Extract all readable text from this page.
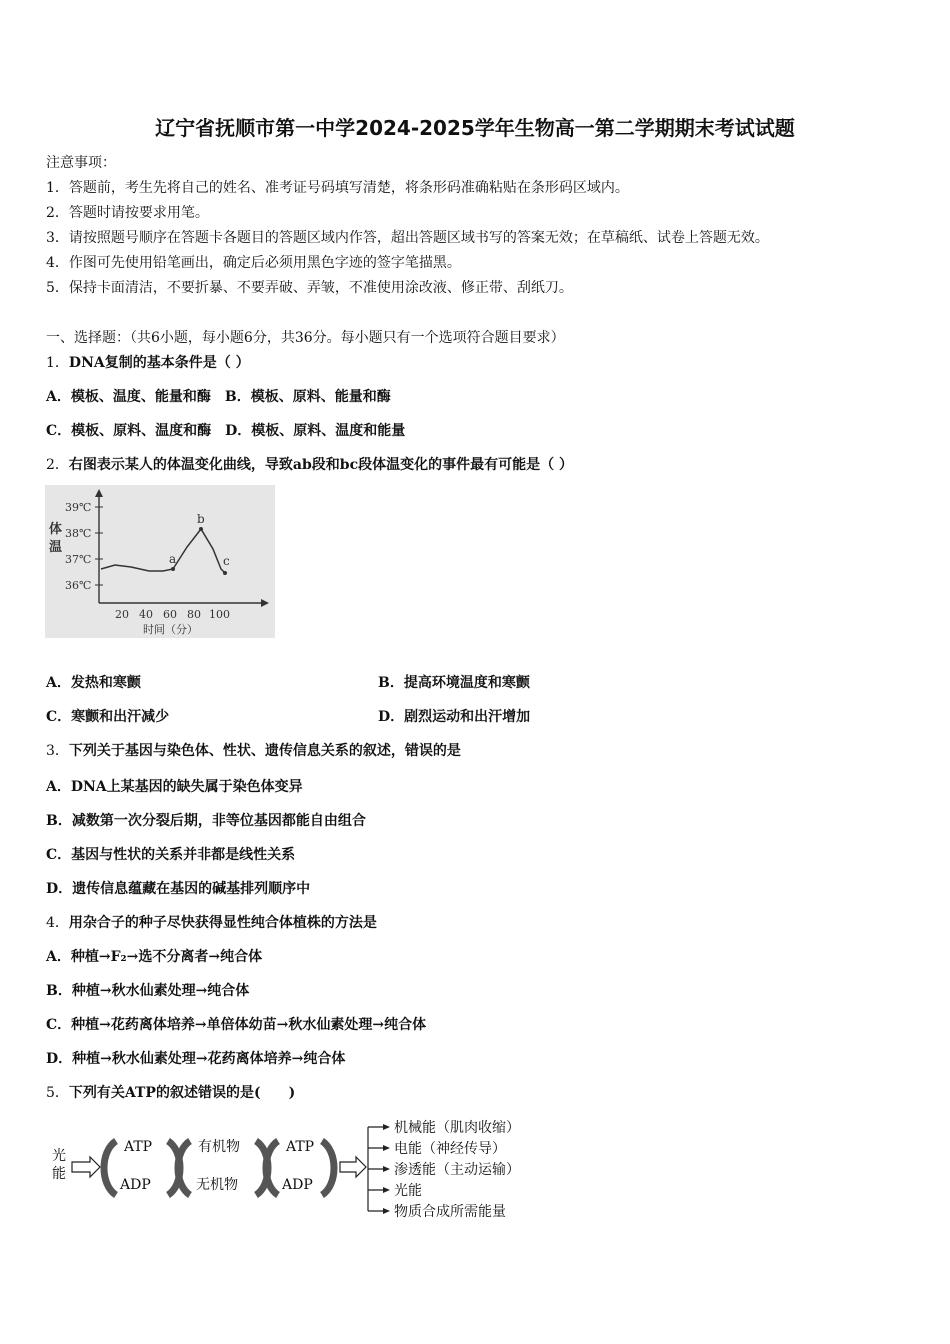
辽宁省抚顺市第一中学2024-2025学年生物高一第二学期期末考试试题
注意事项：
1．答题前，考生先将自己的姓名、准考证号码填写清楚，将条形码准确粘贴在条形码区域内。
2．答题时请按要求用笔。
3．请按照题号顺序在答题卡各题目的答题区域内作答，超出答题区域书写的答案无效；在草稿纸、试卷上答题无效。
4．作图可先使用铅笔画出，确定后必须用黑色字迹的签字笔描黑。
5．保持卡面清洁，不要折暴、不要弄破、弄皱，不准使用涂改液、修正带、刮纸刀。
一、选择题：（共6小题，每小题6分，共36分。每小题只有一个选项符合题目要求）
1．DNA复制的基本条件是（ ）
A．模板、温度、能量和酶　B．模板、原料、能量和酶
C．模板、原料、温度和酶　D．模板、原料、温度和能量
2．右图表示某人的体温变化曲线，导致ab段和bc段体温变化的事件最有可能是（ ）
体
温
39℃
38℃
37℃
36℃
20 40 60 80 100
时间（分）
a
b
c
A．发热和寒颤	B．提高环境温度和寒颤
C．寒颤和出汗减少	D．剧烈运动和出汗增加
3．下列关于基因与染色体、性状、遗传信息关系的叙述，错误的是
A．DNA上某基因的缺失属于染色体变异
B．减数第一次分裂后期，非等位基因都能自由组合
C．基因与性状的关系并非都是线性关系
D．遗传信息蕴藏在基因的碱基排列顺序中
4．用杂合子的种子尽快获得显性纯合体植株的方法是
A．种植→F₂→选不分离者→纯合体
B．种植→秋水仙素处理→纯合体
C．种植→花药离体培养→单倍体幼苗→秋水仙素处理→纯合体
D．种植→秋水仙素处理→花药离体培养→纯合体
5．下列有关ATP的叙述错误的是(　　)
光
能
ATP
ADP
有机物
无机物
ATP
ADP
机械能（肌肉收缩）
电能（神经传导）
渗透能（主动运输）
光能
物质合成所需能量
